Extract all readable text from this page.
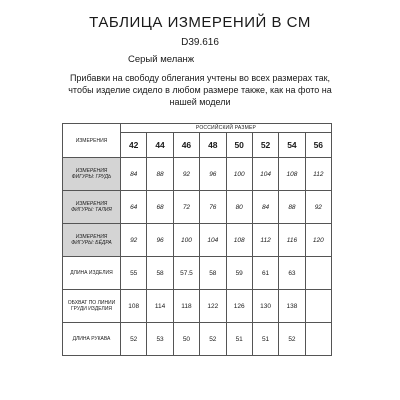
ТАБЛИЦА ИЗМЕРЕНИЙ В СМ
D39.616
Серый меланж
Прибавки на свободу облегания учтены во всех размерах так, чтобы изделие сидело в любом размере также, как на фото на нашей модели
ИЗМЕРЕНИЯ	РОССИЙСКИЙ РАЗМЕР							
	42	44	46	48	50	52	54	56
ИЗМЕРЕНИЯ ФИГУРЫ: ГРУДЬ	84	88	92	96	100	104	108	112
ИЗМЕРЕНИЯ ФИГУРЫ: ТАЛИЯ	64	68	72	76	80	84	88	92
ИЗМЕРЕНИЯ ФИГУРЫ: БЁДРА	92	96	100	104	108	112	116	120
ДЛИНА ИЗДЕЛИЯ	55	58	57.5	58	59	61	63	
ОБХВАТ ПО ЛИНИИ ГРУДИ ИЗДЕЛИЯ	108	114	118	122	126	130	138	
ДЛИНА РУКАВА	52	53	50	52	51	51	52	
